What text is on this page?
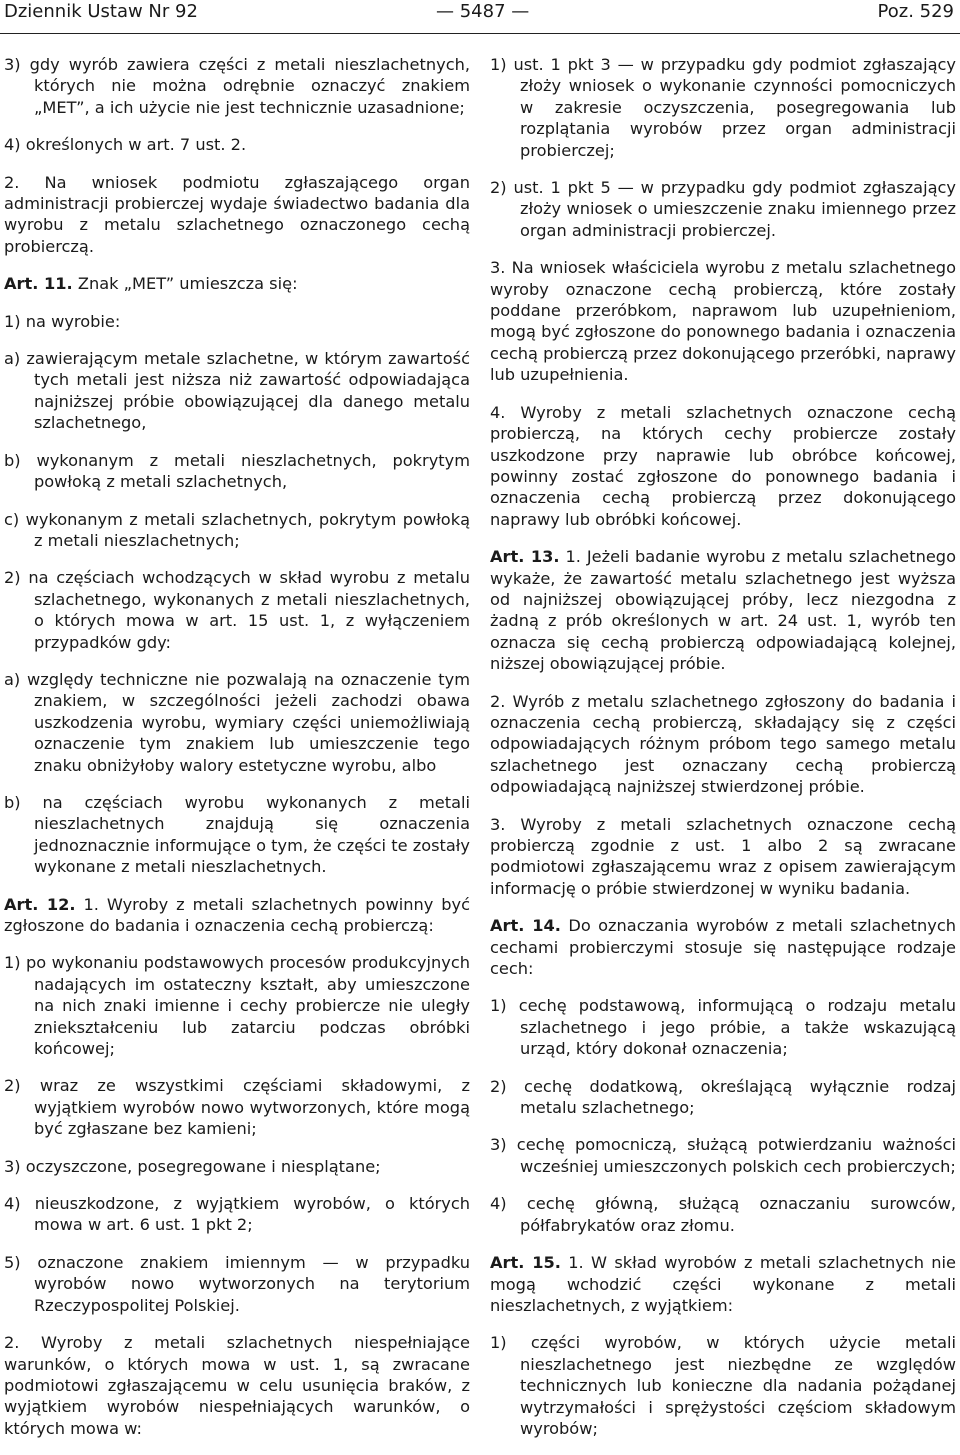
Dziennik Ustaw Nr 92	— 5487 —	Poz. 529

3) gdy wyrób zawiera części z metali nieszlachetnych, których nie można odrębnie oznaczyć znakiem „MET”, a ich użycie nie jest technicznie uzasadnione;

4) określonych w art. 7 ust. 2.

2. Na wniosek podmiotu zgłaszającego organ administracji probierczej wydaje świadectwo badania dla wyrobu z metalu szlachetnego oznaczonego cechą probierczą.

Art. 11. Znak „MET” umieszcza się:

1) na wyrobie:

a) zawierającym metale szlachetne, w którym zawartość tych metali jest niższa niż zawartość odpowiadająca najniższej próbie obowiązującej dla danego metalu szlachetnego,

b) wykonanym z metali nieszlachetnych, pokrytym powłoką z metali szlachetnych,

c) wykonanym z metali szlachetnych, pokrytym powłoką z metali nieszlachetnych;

2) na częściach wchodzących w skład wyrobu z metalu szlachetnego, wykonanych z metali nieszlachetnych, o których mowa w art. 15 ust. 1, z wyłączeniem przypadków gdy:

a) względy techniczne nie pozwalają na oznaczenie tym znakiem, w szczególności jeżeli zachodzi obawa uszkodzenia wyrobu, wymiary części uniemożliwiają oznaczenie tym znakiem lub umieszczenie tego znaku obniżyłoby walory estetyczne wyrobu, albo

b) na częściach wyrobu wykonanych z metali nieszlachetnych znajdują się oznaczenia jednoznacznie informujące o tym, że części te zostały wykonane z metali nieszlachetnych.

Art. 12. 1. Wyroby z metali szlachetnych powinny być zgłoszone do badania i oznaczenia cechą probierczą:

1) po wykonaniu podstawowych procesów produkcyjnych nadających im ostateczny kształt, aby umieszczone na nich znaki imienne i cechy probiercze nie uległy zniekształceniu lub zatarciu podczas obróbki końcowej;

2) wraz ze wszystkimi częściami składowymi, z wyjątkiem wyrobów nowo wytworzonych, które mogą być zgłaszane bez kamieni;

3) oczyszczone, posegregowane i niesplątane;

4) nieuszkodzone, z wyjątkiem wyrobów, o których mowa w art. 6 ust. 1 pkt 2;

5) oznaczone znakiem imiennym — w przypadku wyrobów nowo wytworzonych na terytorium Rzeczypospolitej Polskiej.

2. Wyroby z metali szlachetnych niespełniające warunków, o których mowa w ust. 1, są zwracane podmiotowi zgłaszającemu w celu usunięcia braków, z wyjątkiem wyrobów niespełniających warunków, o których mowa w:

1) ust. 1 pkt 3 — w przypadku gdy podmiot zgłaszający złoży wniosek o wykonanie czynności pomocniczych w zakresie oczyszczenia, posegregowania lub rozplątania wyrobów przez organ administracji probierczej;

2) ust. 1 pkt 5 — w przypadku gdy podmiot zgłaszający złoży wniosek o umieszczenie znaku imiennego przez organ administracji probierczej.

3. Na wniosek właściciela wyrobu z metalu szlachetnego wyroby oznaczone cechą probierczą, które zostały poddane przeróbkom, naprawom lub uzupełnieniom, mogą być zgłoszone do ponownego badania i oznaczenia cechą probierczą przez dokonującego przeróbki, naprawy lub uzupełnienia.

4. Wyroby z metali szlachetnych oznaczone cechą probierczą, na których cechy probiercze zostały uszkodzone przy naprawie lub obróbce końcowej, powinny zostać zgłoszone do ponownego badania i oznaczenia cechą probierczą przez dokonującego naprawy lub obróbki końcowej.

Art. 13. 1. Jeżeli badanie wyrobu z metalu szlachetnego wykaże, że zawartość metalu szlachetnego jest wyższa od najniższej obowiązującej próby, lecz niezgodna z żadną z prób określonych w art. 24 ust. 1, wyrób ten oznacza się cechą probierczą odpowiadającą kolejnej, niższej obowiązującej próbie.

2. Wyrób z metalu szlachetnego zgłoszony do badania i oznaczenia cechą probierczą, składający się z części odpowiadających różnym próbom tego samego metalu szlachetnego jest oznaczany cechą probierczą odpowiadającą najniższej stwierdzonej próbie.

3. Wyroby z metali szlachetnych oznaczone cechą probierczą zgodnie z ust. 1 albo 2 są zwracane podmiotowi zgłaszającemu wraz z opisem zawierającym informację o próbie stwierdzonej w wyniku badania.

Art. 14. Do oznaczania wyrobów z metali szlachetnych cechami probierczymi stosuje się następujące rodzaje cech:

1) cechę podstawową, informującą o rodzaju metalu szlachetnego i jego próbie, a także wskazującą urząd, który dokonał oznaczenia;

2) cechę dodatkową, określającą wyłącznie rodzaj metalu szlachetnego;

3) cechę pomocniczą, służącą potwierdzaniu ważności wcześniej umieszczonych polskich cech probierczych;

4) cechę główną, służącą oznaczaniu surowców, półfabrykatów oraz złomu.

Art. 15. 1. W skład wyrobów z metali szlachetnych nie mogą wchodzić części wykonane z metali nieszlachetnych, z wyjątkiem:

1) części wyrobów, w których użycie metali nieszlachetnego jest niezbędne ze względów technicznych lub konieczne dla nadania pożądanej wytrzymałości i sprężystości częściom składowym wyrobów;
